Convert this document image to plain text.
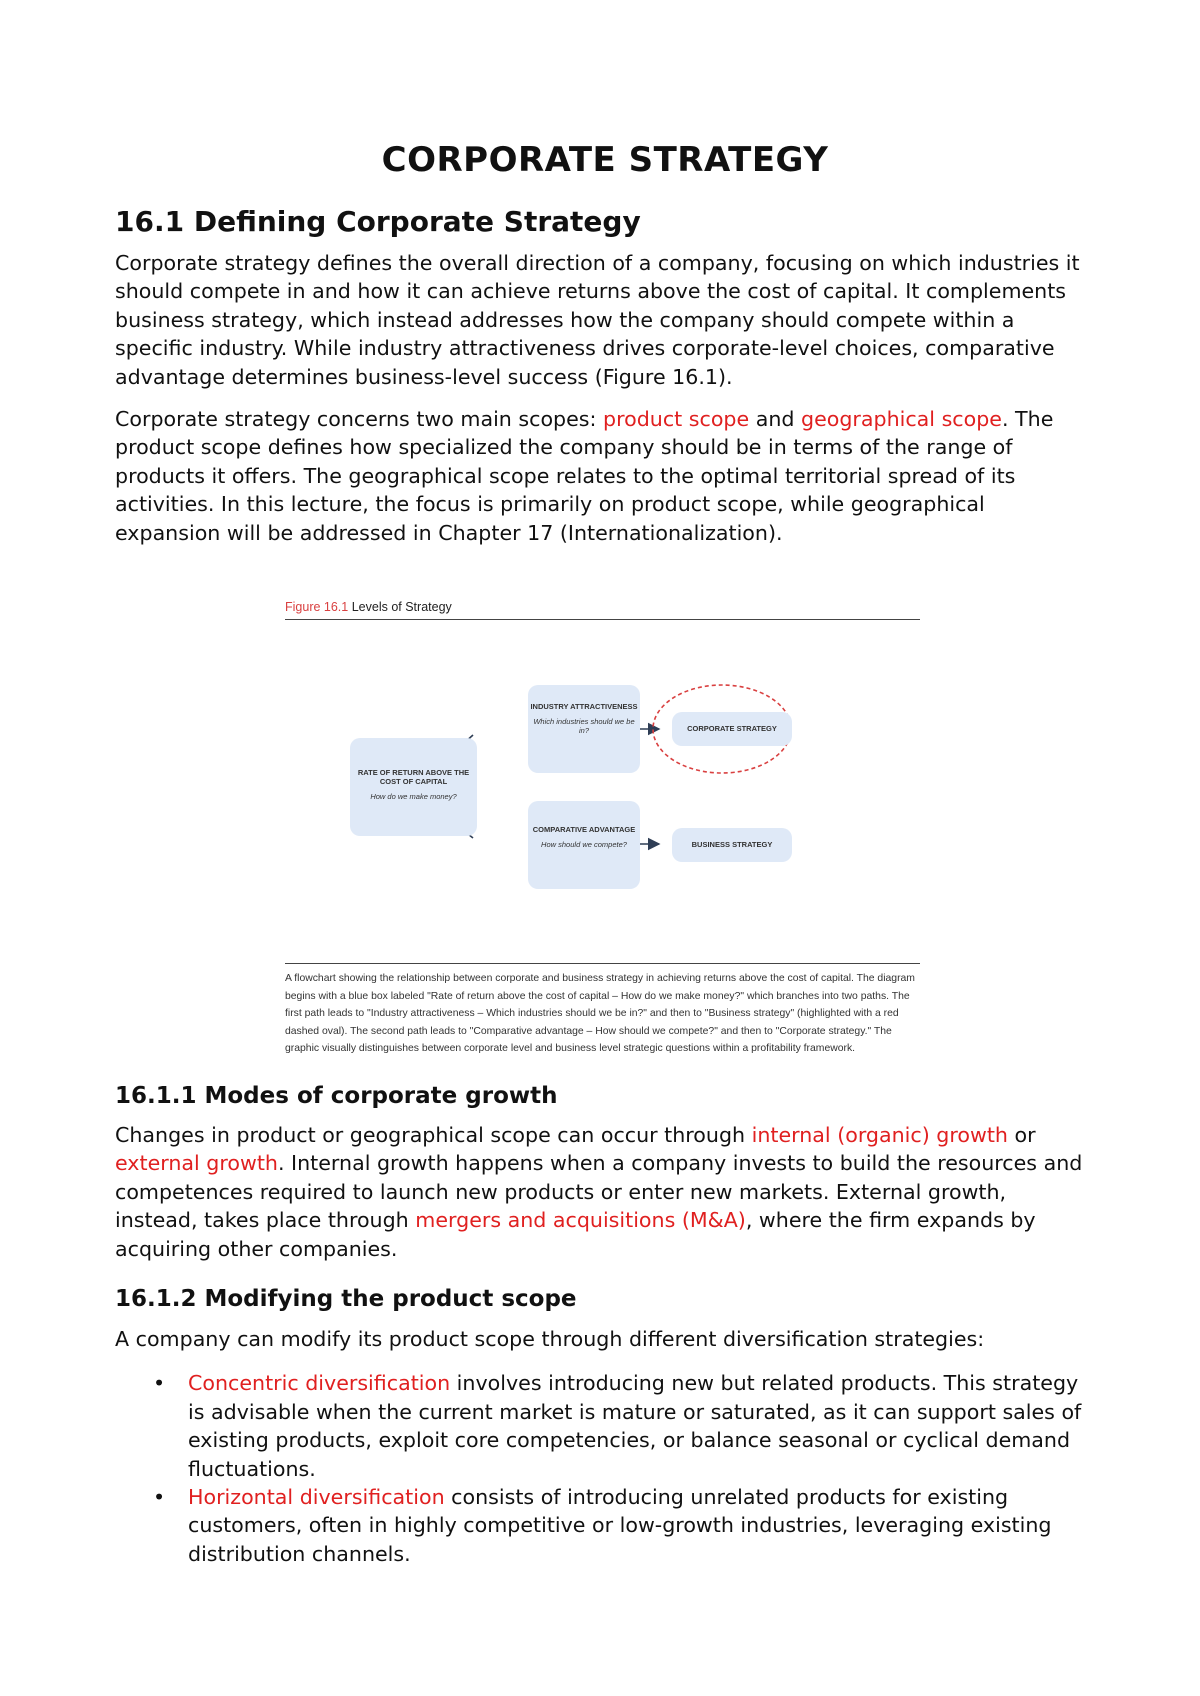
CORPORATE STRATEGY
16.1 Defining Corporate Strategy

Corporate strategy defines the overall direction of a company, focusing on which industries it should compete in and how it can achieve returns above the cost of capital. It complements business strategy, which instead addresses how the company should compete within a specific industry. While industry attractiveness drives corporate-level choices, comparative advantage determines business-level success (Figure 16.1).

Corporate strategy concerns two main scopes: product scope and geographical scope. The product scope defines how specialized the company should be in terms of the range of products it offers. The geographical scope relates to the optimal territorial spread of its activities. In this lecture, the focus is primarily on product scope, while geographical expansion will be addressed in Chapter 17 (Internationalization).

Figure 16.1 Levels of Strategy
RATE OF RETURN ABOVE THE COST OF CAPITAL
How do we make money?
INDUSTRY ATTRACTIVENESS
Which industries should we be in?
COMPARATIVE ADVANTAGE
How should we compete?
CORPORATE STRATEGY
BUSINESS STRATEGY
A flowchart showing the relationship between corporate and business strategy in achieving returns above the cost of capital. The diagram begins with a blue box labeled "Rate of return above the cost of capital – How do we make money?" which branches into two paths. The first path leads to "Industry attractiveness – Which industries should we be in?" and then to "Business strategy" (highlighted with a red dashed oval). The second path leads to "Comparative advantage – How should we compete?" and then to "Corporate strategy." The graphic visually distinguishes between corporate level and business level strategic questions within a profitability framework.
16.1.1 Modes of corporate growth

Changes in product or geographical scope can occur through internal (organic) growth or external growth. Internal growth happens when a company invests to build the resources and competences required to launch new products or enter new markets. External growth, instead, takes place through mergers and acquisitions (M&A), where the firm expands by acquiring other companies.

16.1.2 Modifying the product scope

A company can modify its product scope through different diversification strategies:

• Concentric diversification involves introducing new but related products. This strategy is advisable when the current market is mature or saturated, as it can support sales of existing products, exploit core competencies, or balance seasonal or cyclical demand fluctuations.
• Horizontal diversification consists of introducing unrelated products for existing customers, often in highly competitive or low-growth industries, leveraging existing distribution channels.
